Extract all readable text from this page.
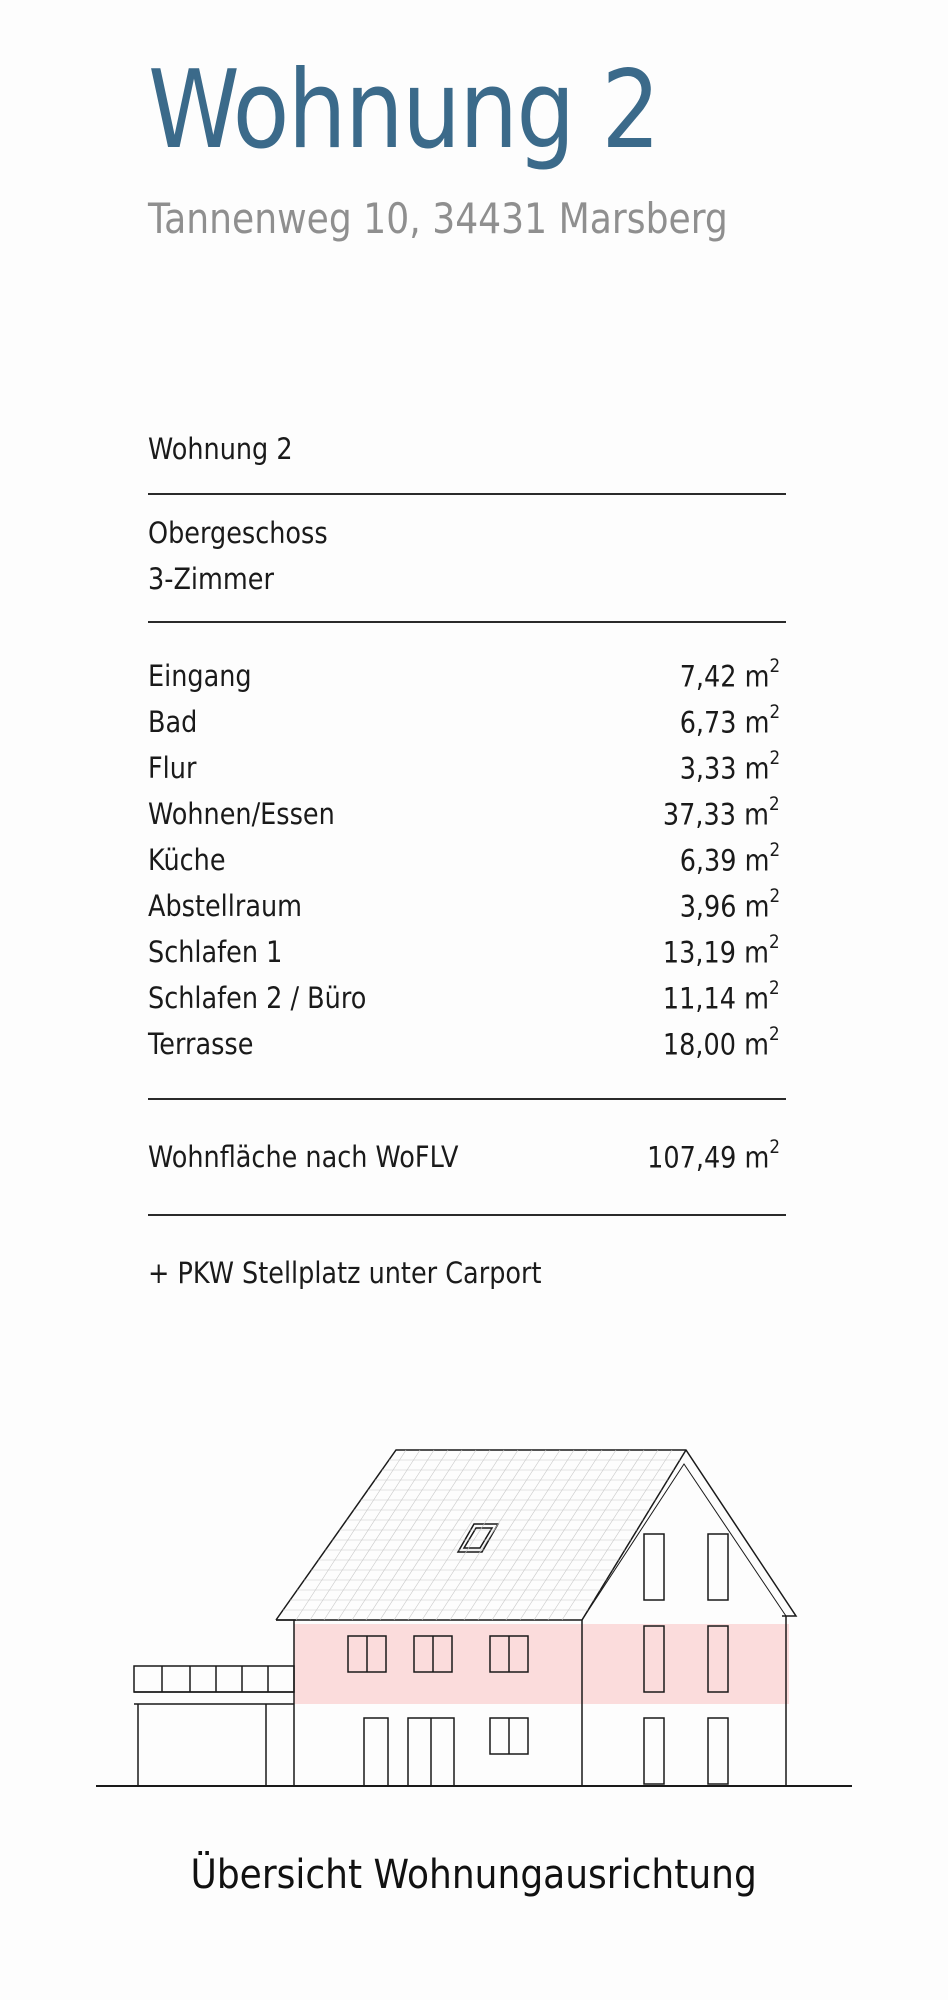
Wohnung 2
Tannenweg 10, 34431 Marsberg
Wohnung 2
Obergeschoss
3-Zimmer
Eingang	7,42 $m^2$
Bad	6,73 $m^2$
Flur	3,33 $m^2$
Wohnen/Essen	37,33 $m^2$
Küche	6,39 $m^2$
Abstellraum	3,96 $m^2$
Schlafen 1	13,19 $m^2$
Schlafen 2 / Büro	11,14 $m^2$
Terrasse	18,00 $m^2$
Wohnfläche nach WoFLV	107,49 $m^2$
+ PKW Stellplatz unter Carport
Übersicht Wohnungausrichtung
